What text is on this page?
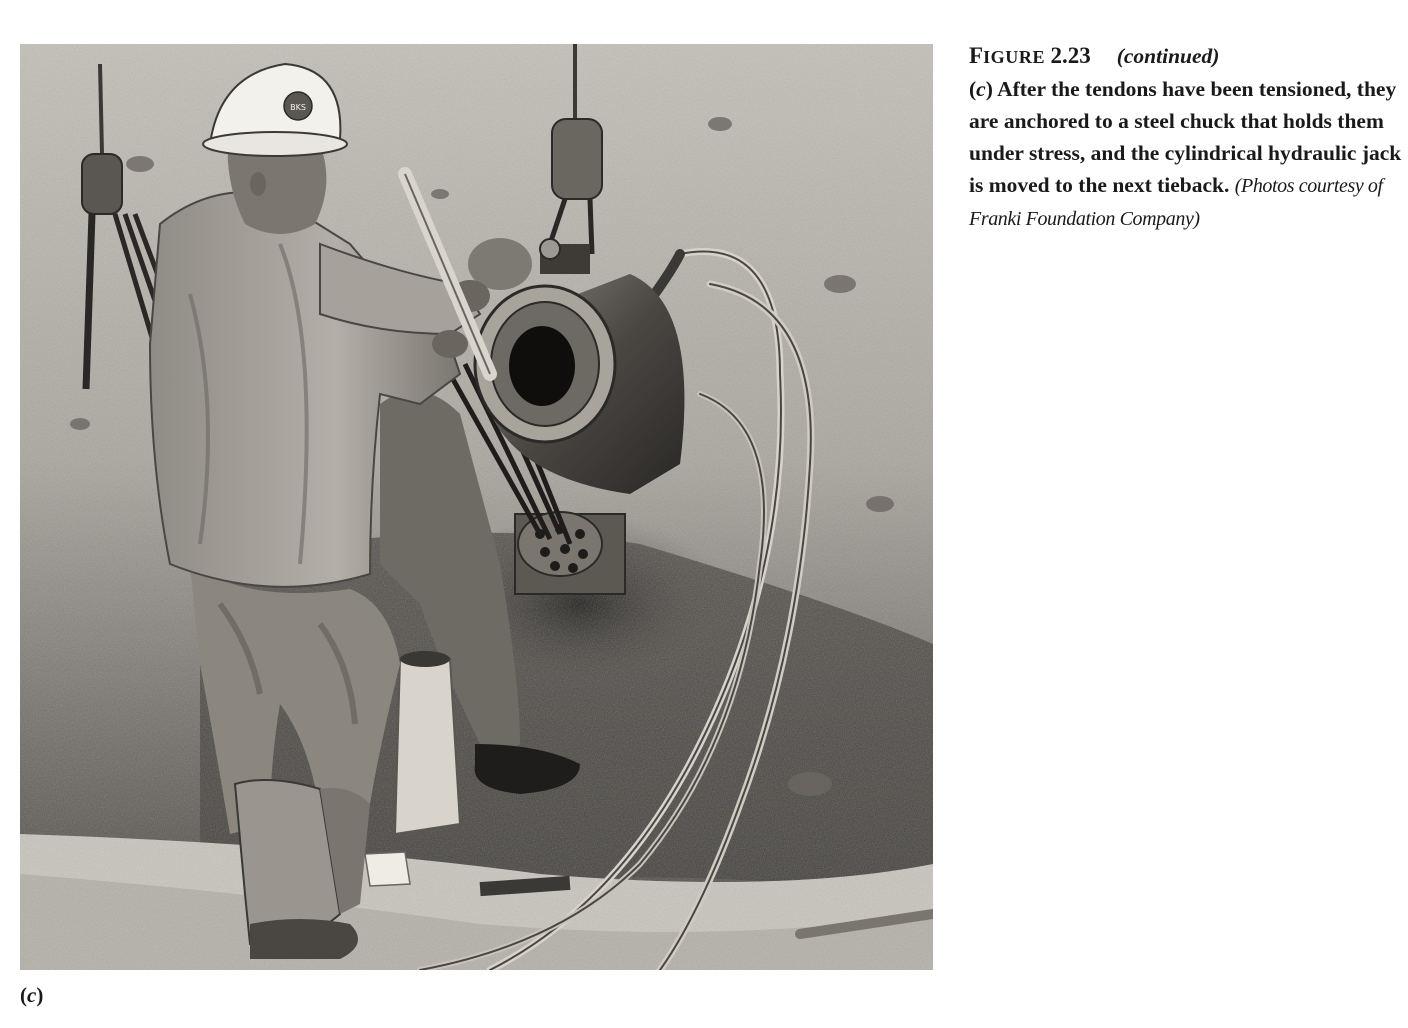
BKS
(c)
FIGURE 2.23 (continued)
(c) After the tendons have been tensioned, they are anchored to a steel chuck that holds them under stress, and the cylindrical hydraulic jack is moved to the next tieback. (Photos courtesy of Franki Foundation Company)
